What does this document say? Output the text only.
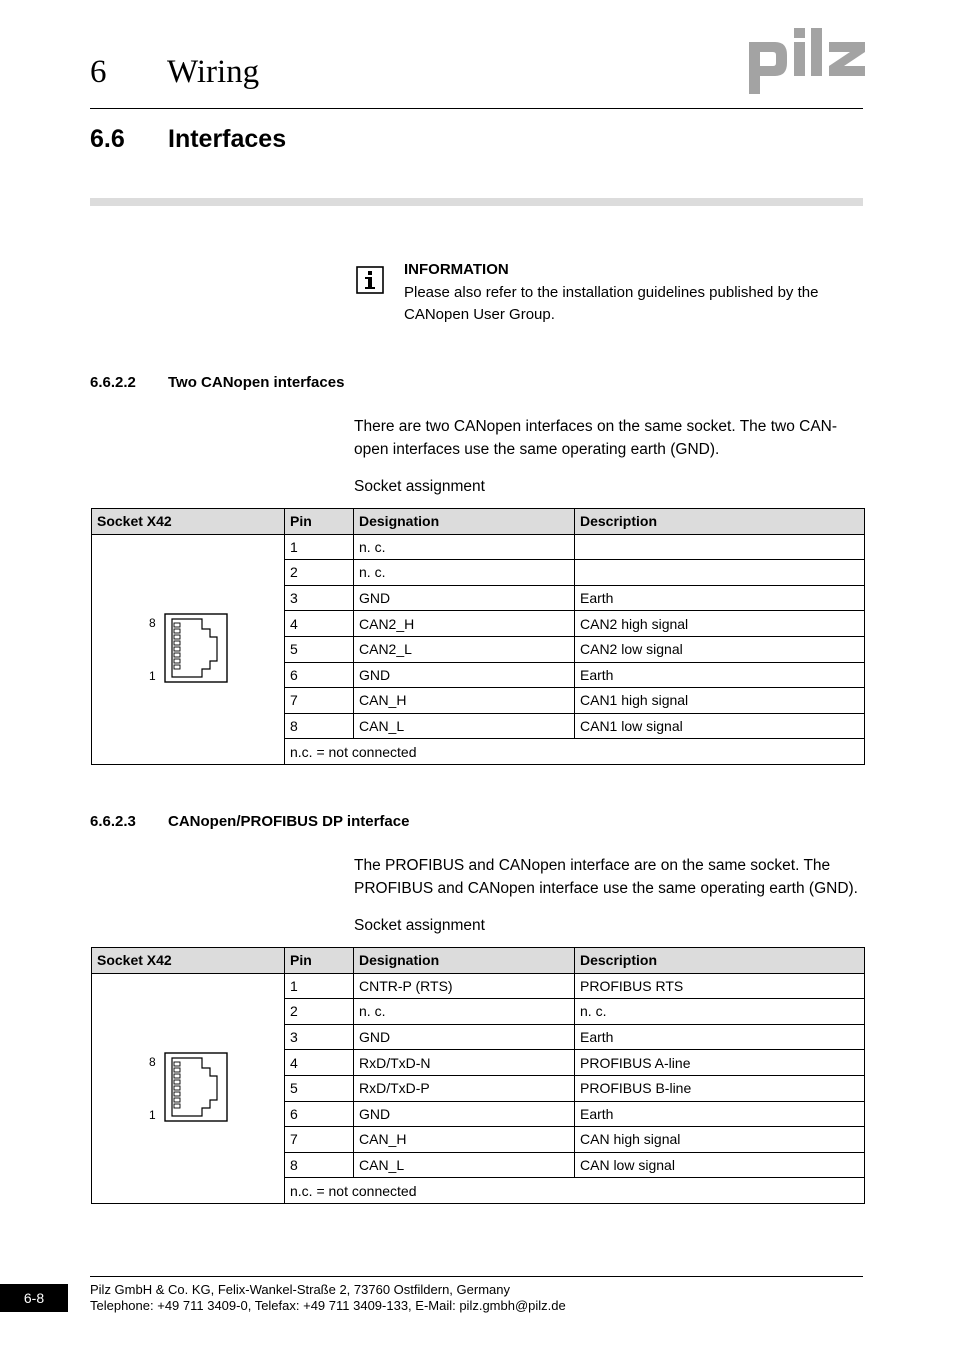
6	Wiring
6.6	Interfaces
INFORMATION
Please also refer to the installation guidelines published by the CANopen User Group.
6.6.2.2	Two CANopen interfaces
There are two CANopen interfaces on the same socket. The two CAN-open interfaces use the same operating earth (GND).
Socket assignment
Socket X42	Pin	Designation	Description

8
1	1	n. c.	
	2	n. c.	
	3	GND	Earth
	4	CAN2_H	CAN2 high signal
	5	CAN2_L	CAN2 low signal
	6	GND	Earth
	7	CAN_H	CAN1 high signal
	8	CAN_L	CAN1 low signal
	n.c. = not connected		
6.6.2.3	CANopen/PROFIBUS DP interface
The PROFIBUS and CANopen interface are on the same socket. The PROFIBUS and CANopen interface use the same operating earth (GND).
Socket assignment
Socket X42	Pin	Designation	Description

8
1	1	CNTR-P (RTS)	PROFIBUS RTS
	2	n. c.	n. c.
	3	GND	Earth
	4	RxD/TxD-N	PROFIBUS A-line
	5	RxD/TxD-P	PROFIBUS B-line
	6	GND	Earth
	7	CAN_H	CAN high signal
	8	CAN_L	CAN low signal
	n.c. = not connected		
6-8
Pilz GmbH & Co. KG, Felix-Wankel-Straße 2, 73760 Ostfildern, Germany
Telephone: +49 711 3409-0, Telefax: +49 711 3409-133, E-Mail: pilz.gmbh@pilz.de
